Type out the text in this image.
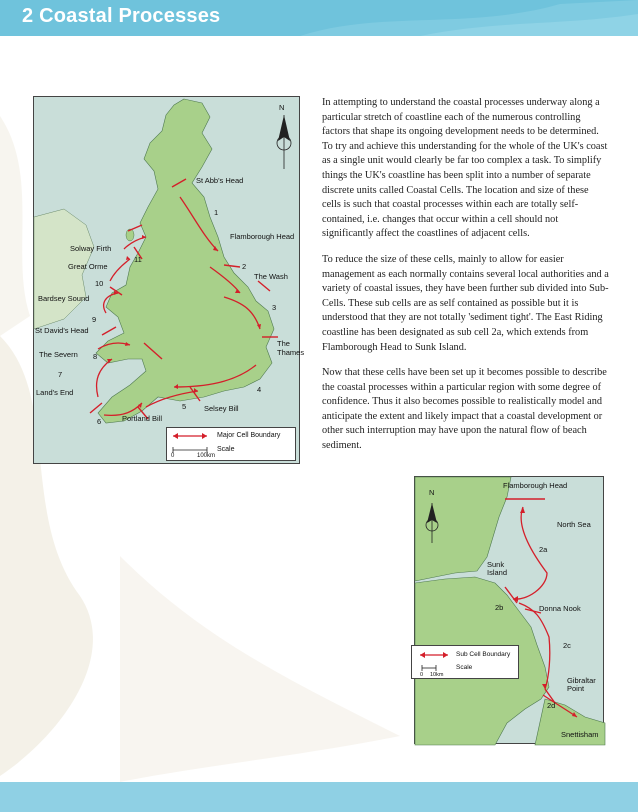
2 Coastal Processes
N
St Abb's Head
Flamborough Head
Solway Firth
Great Orme
The Wash
Bardsey Sound
St David's Head
The Thames
The Severn
Land's End
Selsey Bill
Portland Bill
1
2
3
4
5
6
7
8
9
10
11
Major Cell Boundary
Scale
0	100km

In attempting to understand the coastal processes underway along a particular stretch of coastline each of the numerous controlling factors that shape its ongoing development needs to be determined. To try and achieve this understanding for the whole of the UK's coast as a single unit would clearly be far too complex a task. To simplify things the UK's coastline has been split into a number of separate discrete units called Coastal Cells. The location and size of these cells is such that coastal processes within each are totally self-contained, i.e. changes that occur within a cell should not significantly affect the coastlines of adjacent cells.

To reduce the size of these cells, mainly to allow for easier management as each normally contains several local authorities and a variety of coastal issues, they have been further sub divided into Sub-Cells. These sub cells are as self contained as possible but it is understood that they are not totally 'sediment tight'. The East Riding coastline has been designated as sub cell 2a, which extends from Flamborough Head to Sunk Island.

Now that these cells have been set up it becomes possible to describe the coastal processes within a particular region with some degree of confidence. Thus it also becomes possible to realistically model and anticipate the extent and likely impact that a coastal development or other such interruption may have upon the natural flow of beach sediment.

N
Flamborough Head
North Sea
Sunk Island
Donna Nook
Gibraltar Point
Snettisham
2a
2b
2c
2d
Sub Cell Boundary
Scale
0 10km
